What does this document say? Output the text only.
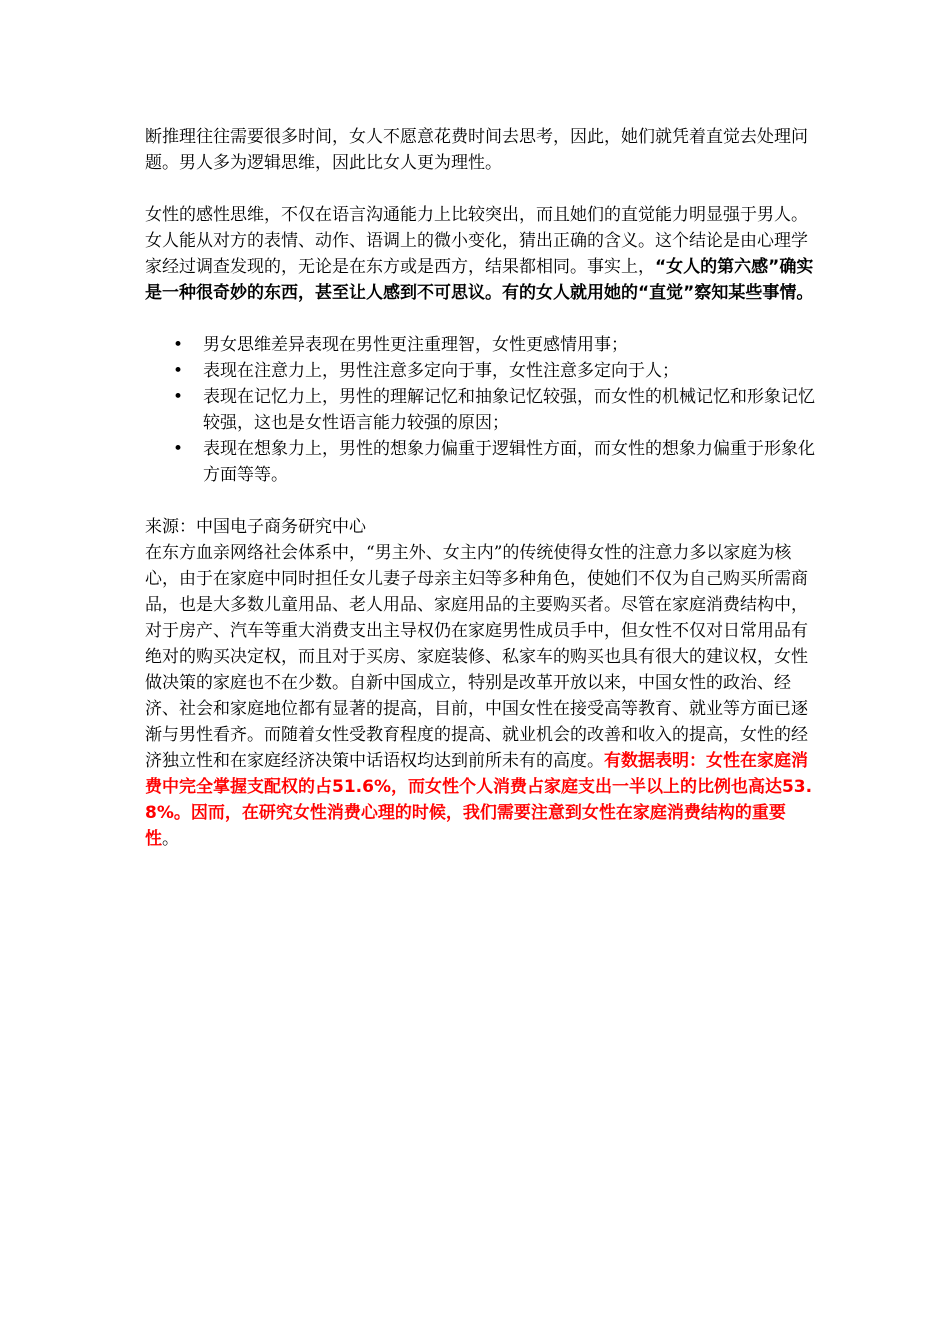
断推理往往需要很多时间，女人不愿意花费时间去思考，因此，她们就凭着直觉去处理问题。男人多为逻辑思维，因此比女人更为理性。

女性的感性思维，不仅在语言沟通能力上比较突出，而且她们的直觉能力明显强于男人。女人能从对方的表情、动作、语调上的微小变化，猜出正确的含义。这个结论是由心理学家经过调查发现的，无论是在东方或是西方，结果都相同。事实上，“女人的第六感”确实是一种很奇妙的东西，甚至让人感到不可思议。有的女人就用她的“直觉”察知某些事情。

• 男女思维差异表现在男性更注重理智，女性更感情用事；
• 表现在注意力上，男性注意多定向于事，女性注意多定向于人；
• 表现在记忆力上，男性的理解记忆和抽象记忆较强，而女性的机械记忆和形象记忆较强，这也是女性语言能力较强的原因；
• 表现在想象力上，男性的想象力偏重于逻辑性方面，而女性的想象力偏重于形象化方面等等。

来源：中国电子商务研究中心

在东方血亲网络社会体系中，“男主外、女主内”的传统使得女性的注意力多以家庭为核心，由于在家庭中同时担任女儿妻子母亲主妇等多种角色，使她们不仅为自己购买所需商品，也是大多数儿童用品、老人用品、家庭用品的主要购买者。尽管在家庭消费结构中，对于房产、汽车等重大消费支出主导权仍在家庭男性成员手中，但女性不仅对日常用品有绝对的购买决定权，而且对于买房、家庭装修、私家车的购买也具有很大的建议权，女性做决策的家庭也不在少数。自新中国成立，特别是改革开放以来，中国女性的政治、经济、社会和家庭地位都有显著的提高，目前，中国女性在接受高等教育、就业等方面已逐渐与男性看齐。而随着女性受教育程度的提高、就业机会的改善和收入的提高，女性的经济独立性和在家庭经济决策中话语权均达到前所未有的高度。有数据表明：女性在家庭消费中完全掌握支配权的占51.6%，而女性个人消费占家庭支出一半以上的比例也高达53.8%。因而，在研究女性消费心理的时候，我们需要注意到女性在家庭消费结构的重要性。
